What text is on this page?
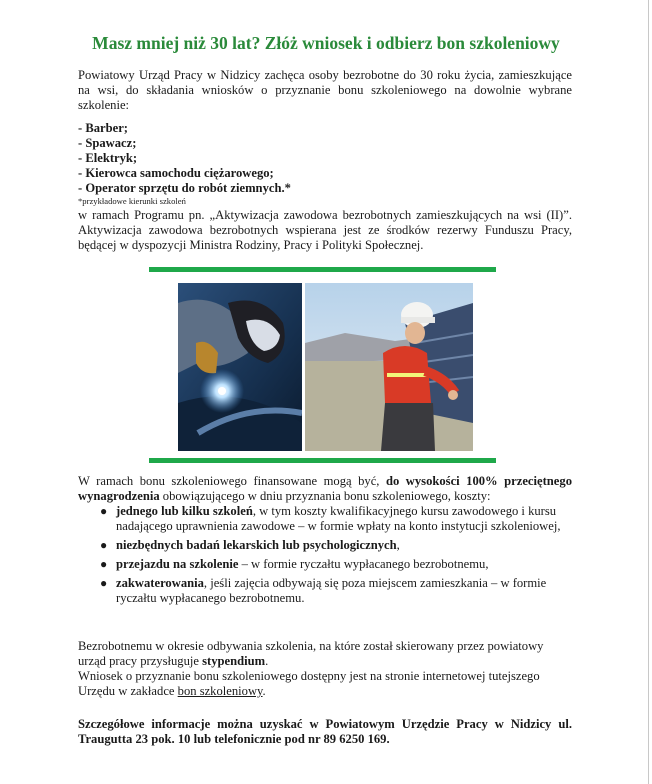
Masz mniej niż 30 lat? Złóż wniosek i odbierz bon szkoleniowy
Powiatowy Urząd Pracy w Nidzicy zachęca osoby bezrobotne do 30 roku życia, zamieszkujące na wsi, do składania wniosków o przyznanie bonu szkoleniowego na dowolnie wybrane szkolenie:
- Barber;
- Spawacz;
- Elektryk;
- Kierowca samochodu ciężarowego;
- Operator sprzętu do robót ziemnych.*
*przykładowe kierunki szkoleń
w ramach Programu pn. „Aktywizacja zawodowa bezrobotnych zamieszkujących na wsi (II)”. Aktywizacja zawodowa bezrobotnych wspierana jest ze środków rezerwy Funduszu Pracy, będącej w dyspozycji Ministra Rodziny, Pracy i Polityki Społecznej.
W ramach bonu szkoleniowego finansowane mogą być, do wysokości 100% przeciętnego wynagrodzenia obowiązującego w dniu przyznania bonu szkoleniowego, koszty:
● jednego lub kilku szkoleń, w tym koszty kwalifikacyjnego kursu zawodowego i kursu nadającego uprawnienia zawodowe – w formie wpłaty na konto instytucji szkoleniowej,
● niezbędnych badań lekarskich lub psychologicznych,
● przejazdu na szkolenie – w formie ryczałtu wypłacanego bezrobotnemu,
● zakwaterowania, jeśli zajęcia odbywają się poza miejscem zamieszkania – w formie ryczałtu wypłacanego bezrobotnemu.
Bezrobotnemu w okresie odbywania szkolenia, na które został skierowany przez powiatowy urząd pracy przysługuje stypendium.
Wniosek o przyznanie bonu szkoleniowego dostępny jest na stronie internetowej tutejszego Urzędu w zakładce bon szkoleniowy.
Szczegółowe informacje można uzyskać w Powiatowym Urzędzie Pracy w Nidzicy ul. Traugutta 23 pok. 10 lub telefonicznie pod nr 89 6250 169.
